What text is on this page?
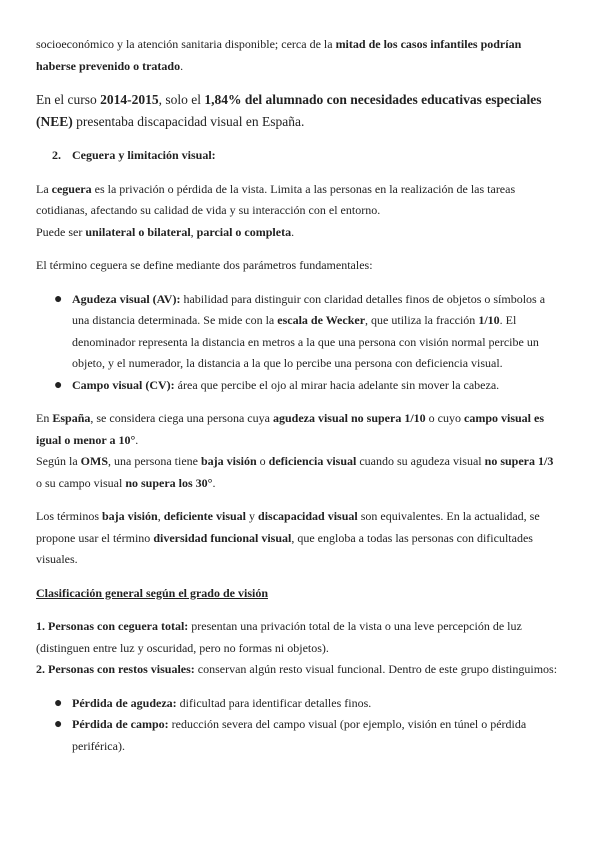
socioeconómico y la atención sanitaria disponible; cerca de la mitad de los casos infantiles podrían haberse prevenido o tratado.

En el curso 2014-2015, solo el 1,84% del alumnado con necesidades educativas especiales (NEE) presentaba discapacidad visual en España.

2. Ceguera y limitación visual:

La ceguera es la privación o pérdida de la vista. Limita a las personas en la realización de las tareas cotidianas, afectando su calidad de vida y su interacción con el entorno.
Puede ser unilateral o bilateral, parcial o completa.

El término ceguera se define mediante dos parámetros fundamentales:

● Agudeza visual (AV): habilidad para distinguir con claridad detalles finos de objetos o símbolos a una distancia determinada. Se mide con la escala de Wecker, que utiliza la fracción 1/10. El denominador representa la distancia en metros a la que una persona con visión normal percibe un objeto, y el numerador, la distancia a la que lo percibe una persona con deficiencia visual.
● Campo visual (CV): área que percibe el ojo al mirar hacia adelante sin mover la cabeza.

En España, se considera ciega una persona cuya agudeza visual no supera 1/10 o cuyo campo visual es igual o menor a 10°.
Según la OMS, una persona tiene baja visión o deficiencia visual cuando su agudeza visual no supera 1/3 o su campo visual no supera los 30°.

Los términos baja visión, deficiente visual y discapacidad visual son equivalentes. En la actualidad, se propone usar el término diversidad funcional visual, que engloba a todas las personas con dificultades visuales.

Clasificación general según el grado de visión

1. Personas con ceguera total: presentan una privación total de la vista o una leve percepción de luz (distinguen entre luz y oscuridad, pero no formas ni objetos).
2. Personas con restos visuales: conservan algún resto visual funcional. Dentro de este grupo distinguimos:

● Pérdida de agudeza: dificultad para identificar detalles finos.
● Pérdida de campo: reducción severa del campo visual (por ejemplo, visión en túnel o pérdida periférica).
